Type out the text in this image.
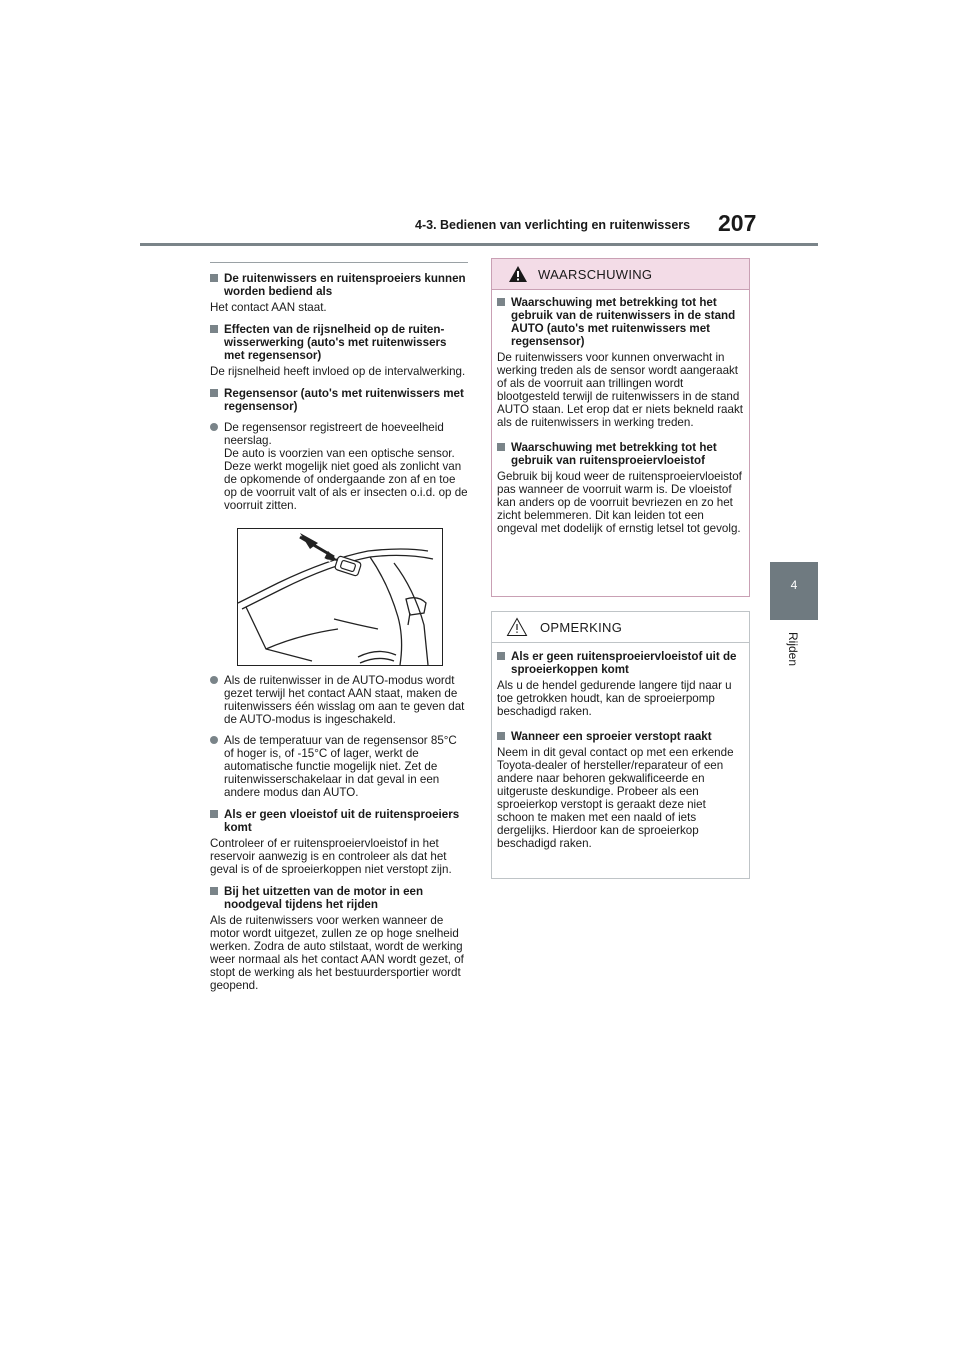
4-3. Bedienen van verlichting en ruitenwissers 207
4
Rijden
De ruitenwissers en ruitensproeiers kunnen worden bediend als
Het contact AAN staat.
Effecten van de rijsnelheid op de ruitenwisserwerking (auto's met ruitenwissers met regensensor)
De rijsnelheid heeft invloed op de intervalwerking.
Regensensor (auto's met ruitenwissers met regensensor)
De regensensor registreert de hoeveelheid neerslag.
De auto is voorzien van een optische sensor. Deze werkt mogelijk niet goed als zonlicht van de opkomende of ondergaande zon af en toe op de voorruit valt of als er insecten o.i.d. op de voorruit zitten.
Als de ruitenwisser in de AUTO-modus wordt gezet terwijl het contact AAN staat, maken de ruitenwissers één wisslag om aan te geven dat de AUTO-modus is ingeschakeld.
Als de temperatuur van de regensensor 85°C of hoger is, of -15°C of lager, werkt de automatische functie mogelijk niet. Zet de ruitenwisserschakelaar in dat geval in een andere modus dan AUTO.
Als er geen vloeistof uit de ruitensproeiers komt
Controleer of er ruitensproeiervloeistof in het reservoir aanwezig is en controleer als dat het geval is of de sproeierkoppen niet verstopt zijn.
Bij het uitzetten van de motor in een noodgeval tijdens het rijden
Als de ruitenwissers voor werken wanneer de motor wordt uitgezet, zullen ze op hoge snelheid werken. Zodra de auto stilstaat, wordt de werking weer normaal als het contact AAN wordt gezet, of stopt de werking als het bestuurdersportier wordt geopend.
WAARSCHUWING
Waarschuwing met betrekking tot het gebruik van de ruitenwissers in de stand AUTO (auto's met ruitenwissers met regensensor)
De ruitenwissers voor kunnen onverwacht in werking treden als de sensor wordt aangeraakt of als de voorruit aan trillingen wordt blootgesteld terwijl de ruitenwissers in de stand AUTO staan. Let erop dat er niets bekneld raakt als de ruitenwissers in werking treden.
Waarschuwing met betrekking tot het gebruik van ruitensproeiervloeistof
Gebruik bij koud weer de ruitensproeiervloeistof pas wanneer de voorruit warm is. De vloeistof kan anders op de voorruit bevriezen en zo het zicht belemmeren. Dit kan leiden tot een ongeval met dodelijk of ernstig letsel tot gevolg.
OPMERKING
Als er geen ruitensproeiervloeistof uit de sproeierkoppen komt
Als u de hendel gedurende langere tijd naar u toe getrokken houdt, kan de sproeierpomp beschadigd raken.
Wanneer een sproeier verstopt raakt
Neem in dit geval contact op met een erkende Toyota-dealer of hersteller/reparateur of een andere naar behoren gekwalificeerde en uitgeruste deskundige. Probeer als een sproeierkop verstopt is geraakt deze niet schoon te maken met een naald of iets dergelijks. Hierdoor kan de sproeierkop beschadigd raken.
